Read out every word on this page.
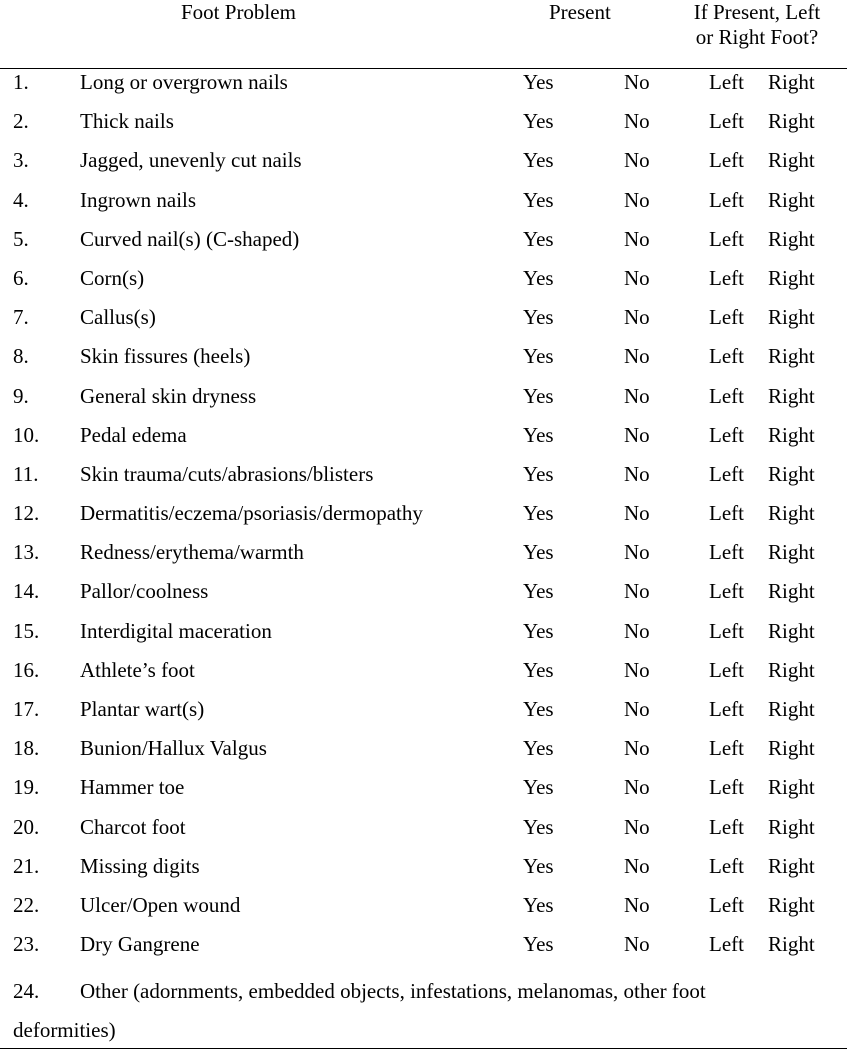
Foot Problem	Present	If Present, Left
or Right Foot?
1. Long or overgrown nails	Yes	No	Left Right
2. Thick nails	Yes	No	Left Right
3. Jagged, unevenly cut nails	Yes	No	Left Right
4. Ingrown nails	Yes	No	Left Right
5. Curved nail(s) (C-shaped)	Yes	No	Left Right
6. Corn(s)	Yes	No	Left Right
7. Callus(s)	Yes	No	Left Right
8. Skin fissures (heels)	Yes	No	Left Right
9. General skin dryness	Yes	No	Left Right
10. Pedal edema	Yes	No	Left Right
11. Skin trauma/cuts/abrasions/blisters	Yes	No	Left Right
12. Dermatitis/eczema/psoriasis/dermopathy	Yes	No	Left Right
13. Redness/erythema/warmth	Yes	No	Left Right
14. Pallor/coolness	Yes	No	Left Right
15. Interdigital maceration	Yes	No	Left Right
16. Athlete’s foot	Yes	No	Left Right
17. Plantar wart(s)	Yes	No	Left Right
18. Bunion/Hallux Valgus	Yes	No	Left Right
19. Hammer toe	Yes	No	Left Right
20. Charcot foot	Yes	No	Left Right
21. Missing digits	Yes	No	Left Right
22. Ulcer/Open wound	Yes	No	Left Right
23. Dry Gangrene	Yes	No	Left Right
24. Other (adornments, embedded objects, infestations, melanomas, other foot
deformities)
